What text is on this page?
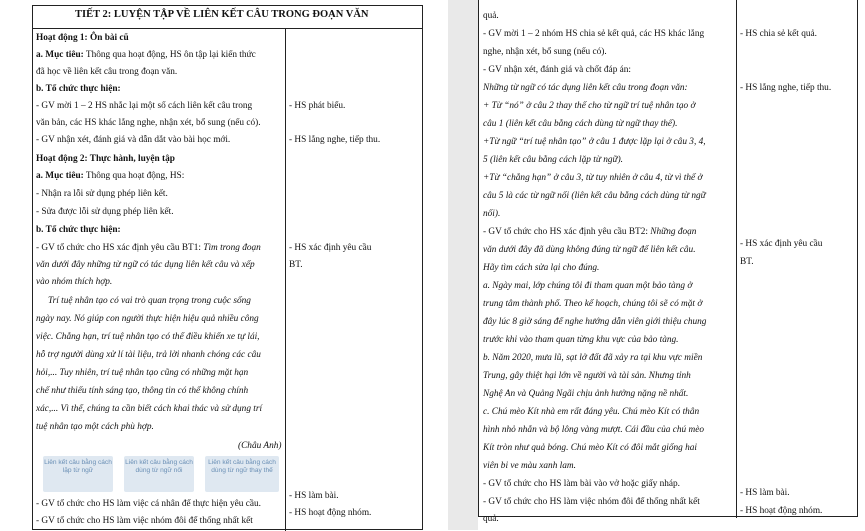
TIẾT 2: LUYỆN TẬP VỀ LIÊN KẾT CÂU TRONG ĐOẠN VĂN
Hoạt động 1: Ôn bài cũ
a. Mục tiêu: Thông qua hoạt động, HS ôn tập lại kiến thức
đã học về liên kết câu trong đoạn văn.
b. Tổ chức thực hiện:
- GV mời 1 – 2 HS nhắc lại một số cách liên kết câu trong
văn bản, các HS khác lắng nghe, nhận xét, bổ sung (nếu có).
- GV nhận xét, đánh giá và dẫn dắt vào bài học mới.
Hoạt động 2: Thực hành, luyện tập
a. Mục tiêu: Thông qua hoạt động, HS:
- Nhận ra lỗi sử dụng phép liên kết.
- Sửa được lỗi sử dụng phép liên kết.
b. Tổ chức thực hiện:
- GV tổ chức cho HS xác định yêu cầu BT1: Tìm trong đoạn
văn dưới đây những từ ngữ có tác dụng liên kết câu và xếp
vào nhóm thích hợp.
Trí tuệ nhân tạo có vai trò quan trọng trong cuộc sống
ngày nay. Nó giúp con người thực hiện hiệu quả nhiều công
việc. Chẳng hạn, trí tuệ nhân tạo có thể điều khiển xe tự lái,
hỗ trợ người dùng xử lí tài liệu, trả lời nhanh chóng các câu
hỏi,... Tuy nhiên, trí tuệ nhân tạo cũng có những mặt hạn
chế như thiếu tính sáng tạo, thông tin có thể không chính
xác,... Vì thế, chúng ta cần biết cách khai thác và sử dụng trí
tuệ nhân tạo một cách phù hợp.
(Châu Anh)
Liên kết câu bằng cách lặp từ ngữ
Liên kết câu bằng cách dùng từ ngữ nối
Liên kết câu bằng cách dùng từ ngữ thay thế
- GV tổ chức cho HS làm việc cá nhân để thực hiện yêu cầu.
- GV tổ chức cho HS làm việc nhóm đôi để thống nhất kết
- HS phát biểu.
- HS lắng nghe, tiếp thu.
- HS xác định yêu cầu
BT.
- HS làm bài.
- HS hoạt động nhóm.
quả.
- GV mời 1 – 2 nhóm HS chia sẻ kết quả, các HS khác lắng
nghe, nhận xét, bổ sung (nếu có).
- GV nhận xét, đánh giá và chốt đáp án:
Những từ ngữ có tác dụng liên kết câu trong đoạn văn:
+ Từ “nó” ở câu 2 thay thế cho từ ngữ trí tuệ nhân tạo ở
câu 1 (liên kết câu bằng cách dùng từ ngữ thay thế).
+Từ ngữ “trí tuệ nhân tạo” ở câu 1 được lặp lại ở câu 3, 4,
5 (liên kết câu bằng cách lặp từ ngữ).
+Từ “chẳng hạn” ở câu 3, từ tuy nhiên ở câu 4, từ vì thế ở
câu 5 là các từ ngữ nối (liên kết câu bằng cách dùng từ ngữ
nối).
- GV tổ chức cho HS xác định yêu cầu BT2: Những đoạn
văn dưới đây đã dùng không đúng từ ngữ để liên kết câu.
Hãy tìm cách sửa lại cho đúng.
a. Ngày mai, lớp chúng tôi đi tham quan một bảo tàng ở
trung tâm thành phố. Theo kế hoạch, chúng tôi sẽ có mặt ở
đây lúc 8 giờ sáng để nghe hướng dẫn viên giới thiệu chung
trước khi vào tham quan từng khu vực của bảo tàng.
b. Năm 2020, mưa lũ, sạt lở đất đã xảy ra tại khu vực miền
Trung, gây thiệt hại lớn về người và tài sản. Nhưng tỉnh
Nghệ An và Quảng Ngãi chịu ảnh hưởng nặng nề nhất.
c. Chú mèo Kít nhà em rất đáng yêu. Chú mèo Kít có thân
hình nhỏ nhắn và bộ lông vàng mượt. Cái đầu của chú mèo
Kít tròn như quả bóng. Chú mèo Kít có đôi mắt giống hai
viên bi ve màu xanh lam.
- GV tổ chức cho HS làm bài vào vở hoặc giấy nháp.
- GV tổ chức cho HS làm việc nhóm đôi để thống nhất kết
quả.
- HS chia sẻ kết quả.
- HS lắng nghe, tiếp thu.
- HS xác định yêu cầu
BT.
- HS làm bài.
- HS hoạt động nhóm.
